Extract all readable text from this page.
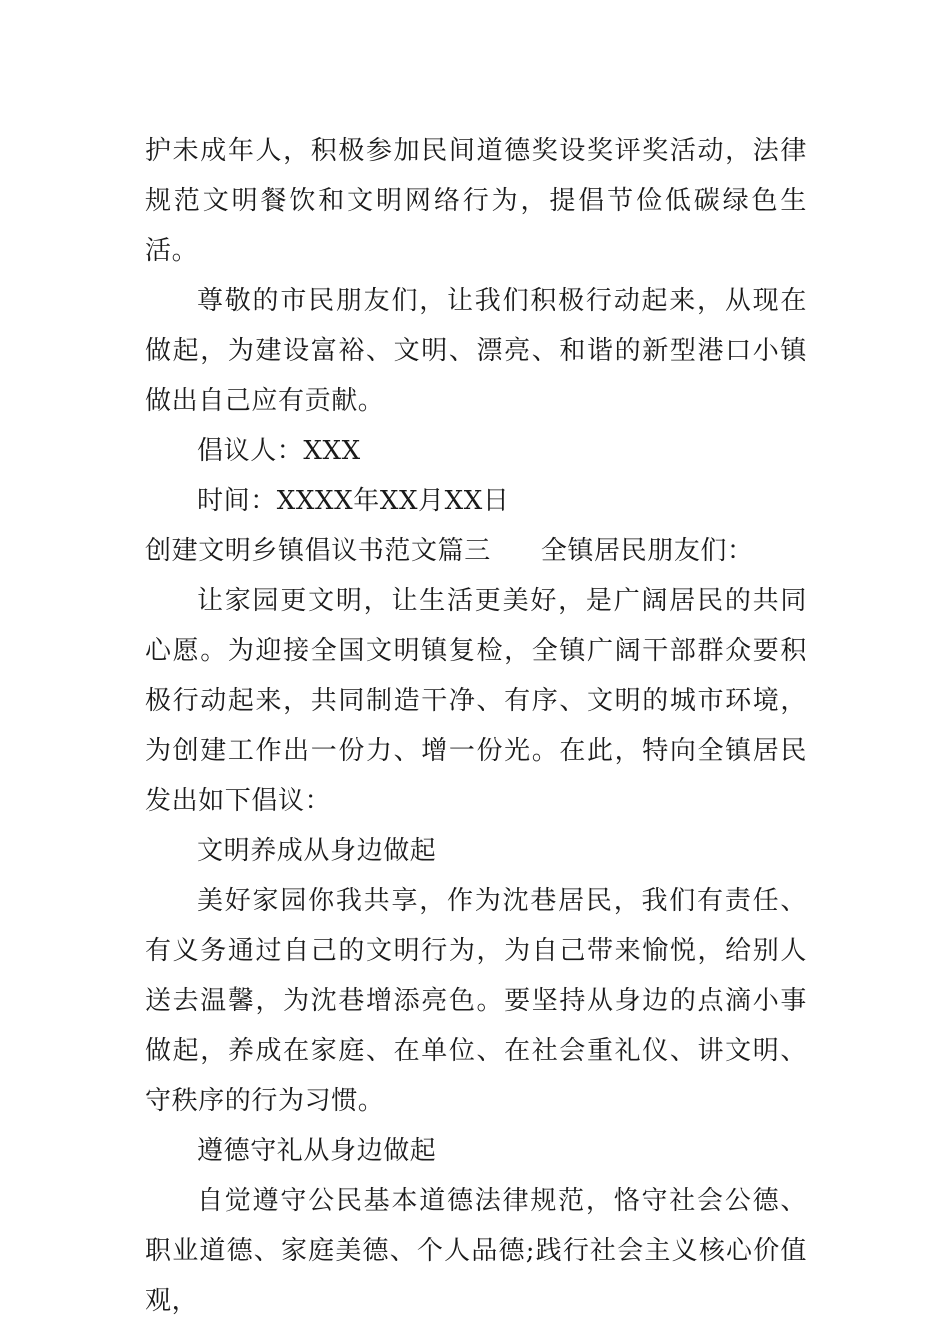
护未成年人，积极参加民间道德奖设奖评奖活动，法律规范文明餐饮和文明网络行为，提倡节俭低碳绿色生活。

尊敬的市民朋友们，让我们积极行动起来，从现在做起，为建设富裕、文明、漂亮、和谐的新型港口小镇做出自己应有贡献。

倡议人：XXX

时间：XXXX年XX月XX日

创建文明乡镇倡议书范文篇三 全镇居民朋友们：

让家园更文明，让生活更美好，是广阔居民的共同心愿。为迎接全国文明镇复检，全镇广阔干部群众要积极行动起来，共同制造干净、有序、文明的城市环境，为创建工作出一份力、增一份光。在此，特向全镇居民发出如下倡议：

文明养成从身边做起

美好家园你我共享，作为沈巷居民，我们有责任、有义务通过自己的文明行为，为自己带来愉悦，给别人送去温馨，为沈巷增添亮色。要坚持从身边的点滴小事做起，养成在家庭、在单位、在社会重礼仪、讲文明、守秩序的行为习惯。

遵德守礼从身边做起

自觉遵守公民基本道德法律规范，恪守社会公德、职业道德、家庭美德、个人品德;践行社会主义核心价值观，
